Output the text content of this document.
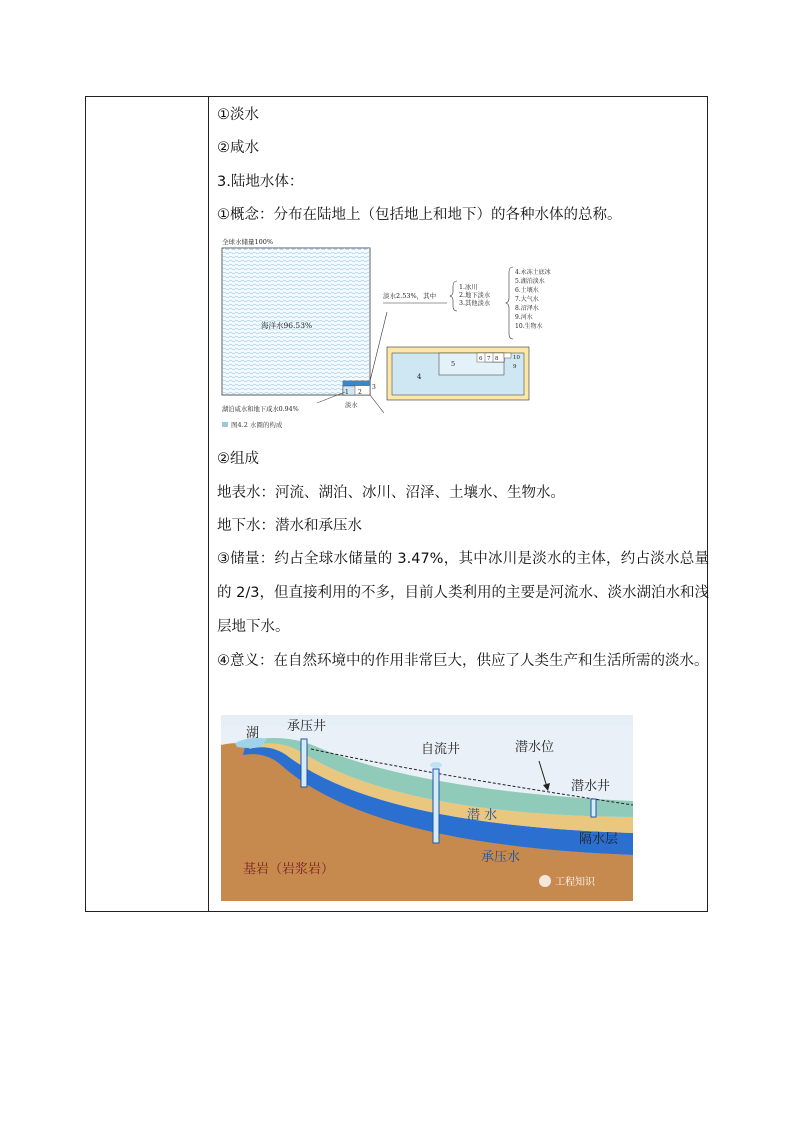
①淡水
②咸水
3.陆地水体：
①概念：分布在陆地上（包括地上和地下）的各种水体的总称。
全球水储量100%
海洋水96.53%
1 2
3
湖泊咸水和地下咸水0.94%
淡水
淡水2.53%，其中
1.冰川
2.地下淡水
3.其他淡水
4.永冻土底冰
5.湖泊淡水
6.土壤水
7.大气水
8.沼泽水
9.河水
10.生物水
4
5
6 7 8	10
9
图4.2 水圈的构成
②组成
地表水：河流、湖泊、冰川、沼泽、土壤水、生物水。
地下水：潜水和承压水
③储量：约占全球水储量的 3.47%，其中冰川是淡水的主体，约占淡水总量的 2/3，但直接利用的不多，目前人类利用的主要是河流水、淡水湖泊水和浅层地下水。
④意义：在自然环境中的作用非常巨大，供应了人类生产和生活所需的淡水。
湖 承压井
自流井	潜水位
潜水井
潜 水
隔水层
承压水
基岩（岩浆岩）
工程知识
